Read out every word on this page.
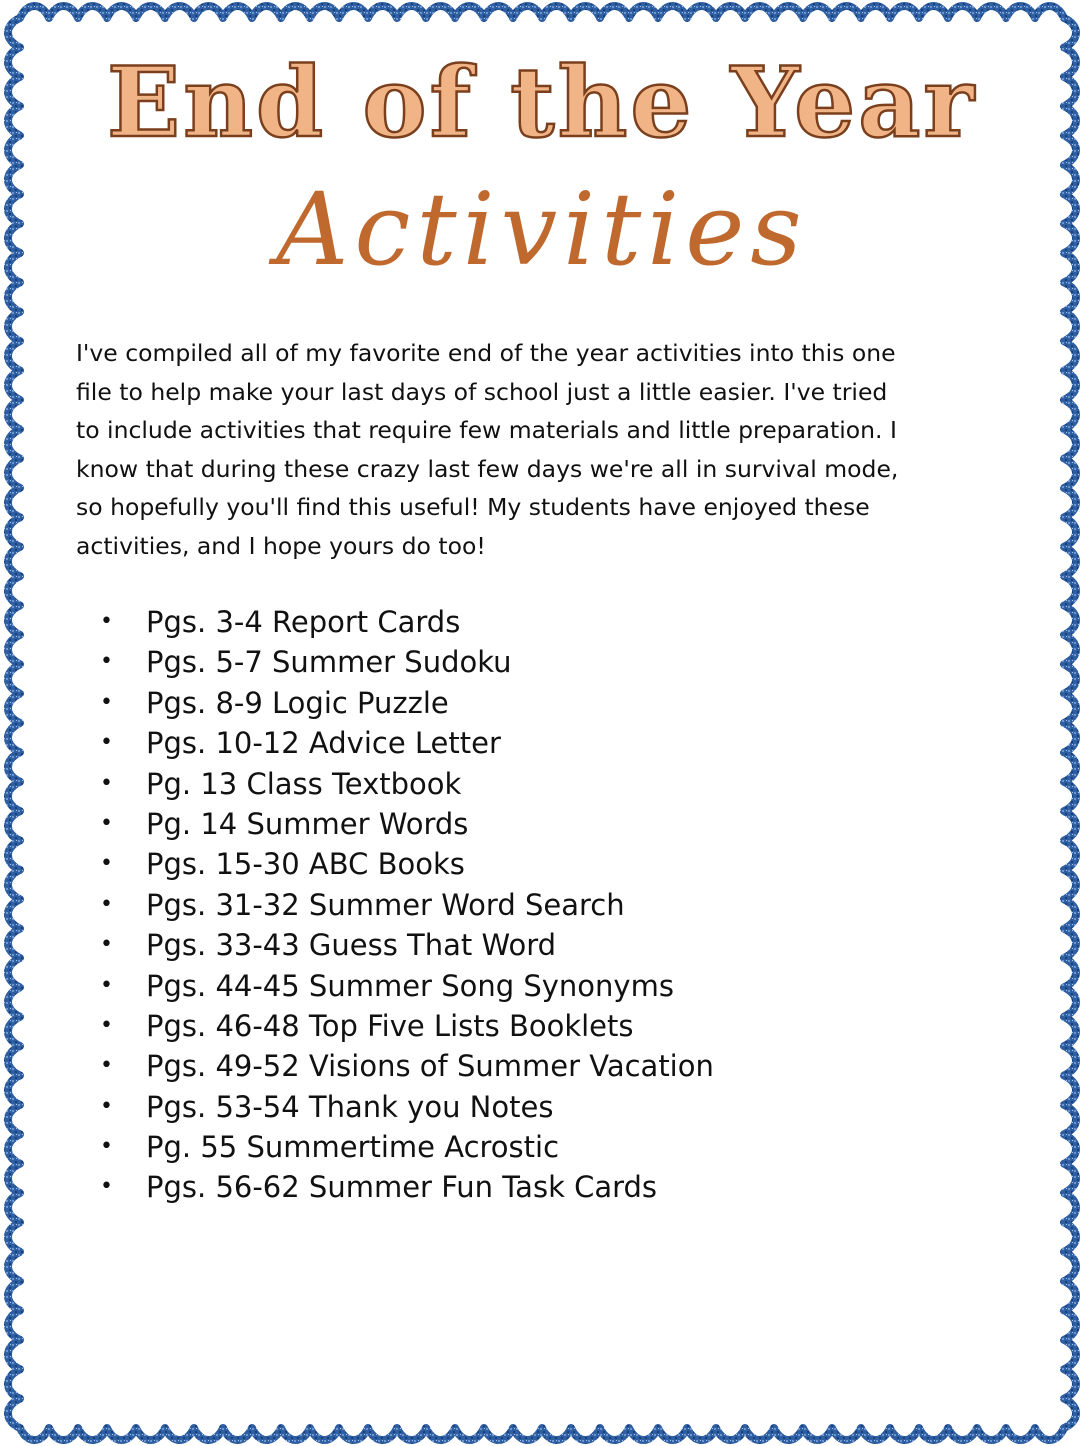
End of the Year
Activities
I've compiled all of my favorite end of the year activities into this one
file to help make your last days of school just a little easier. I've tried
to include activities that require few materials and little preparation. I
know that during these crazy last few days we're all in survival mode,
so hopefully you'll find this useful! My students have enjoyed these
activities, and I hope yours do too!
• Pgs. 3-4 Report Cards
• Pgs. 5-7 Summer Sudoku
• Pgs. 8-9 Logic Puzzle
• Pgs. 10-12 Advice Letter
• Pg. 13 Class Textbook
• Pg. 14 Summer Words
• Pgs. 15-30 ABC Books
• Pgs. 31-32 Summer Word Search
• Pgs. 33-43 Guess That Word
• Pgs. 44-45 Summer Song Synonyms
• Pgs. 46-48 Top Five Lists Booklets
• Pgs. 49-52 Visions of Summer Vacation
• Pgs. 53-54 Thank you Notes
• Pg. 55 Summertime Acrostic
• Pgs. 56-62 Summer Fun Task Cards
